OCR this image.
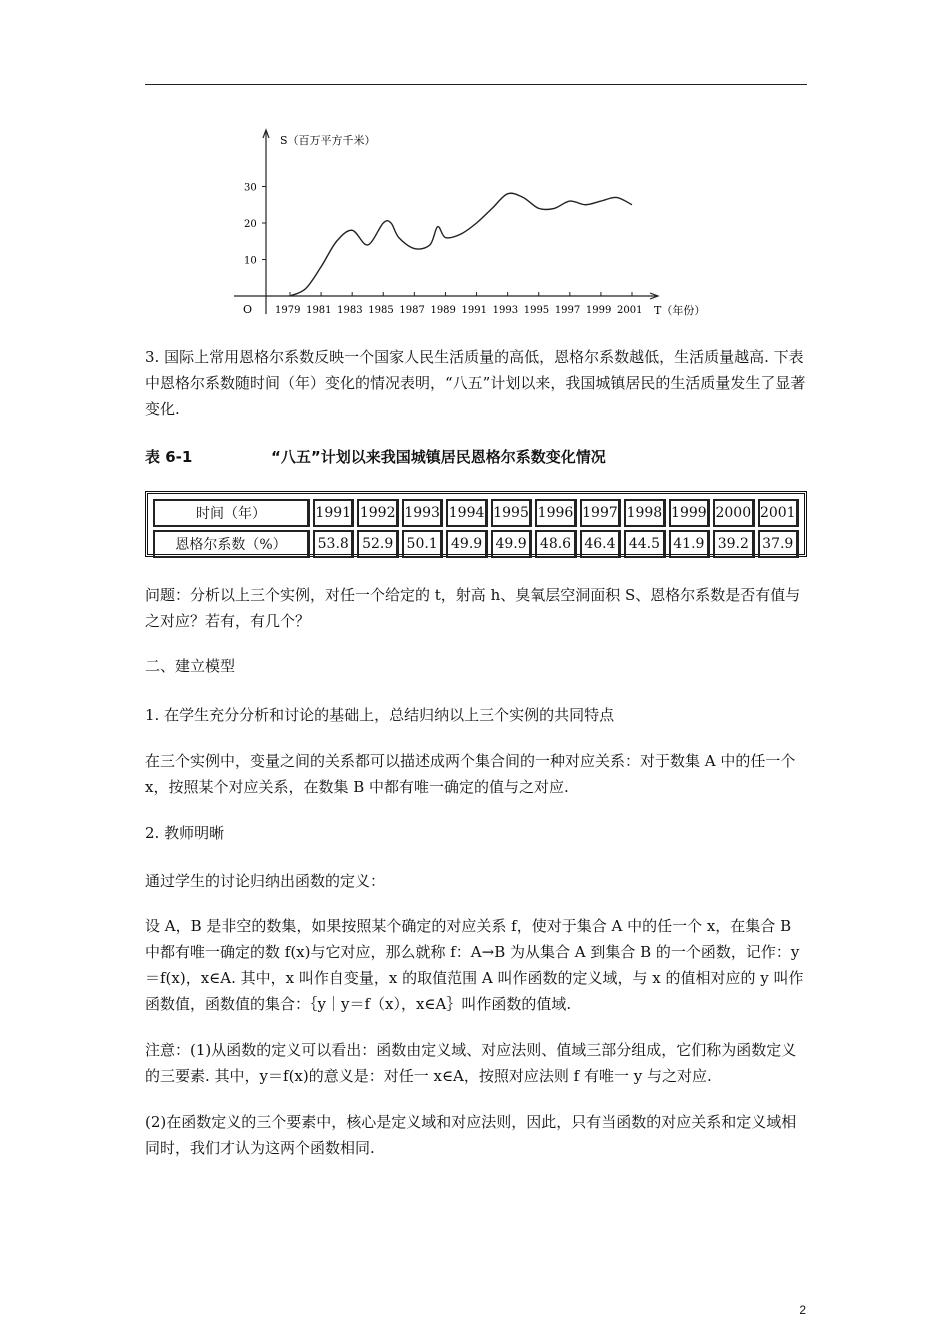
10
20
30
1979 1981 1983 1985 1987 1989 1991 1993 1995 1997 1999 2001
S（百万平方千米）
T（年份）
O

3. 国际上常用恩格尔系数反映一个国家人民生活质量的高低，恩格尔系数越低，生活质量越高. 下表中恩格尔系数随时间（年）变化的情况表明，“八五”计划以来，我国城镇居民的生活质量发生了显著变化.

表 6-1	“八五”计划以来我国城镇居民恩格尔系数变化情况
时间（年）	1991	1992	1993	1994	1995	1996	1997	1998	1999	2000	2001
恩格尔系数（%）	53.8	52.9	50.1	49.9	49.9	48.6	46.4	44.5	41.9	39.2	37.9

问题：分析以上三个实例，对任一个给定的 t，射高 h、臭氧层空洞面积 S、恩格尔系数是否有值与之对应？若有，有几个？

二、建立模型

1. 在学生充分分析和讨论的基础上，总结归纳以上三个实例的共同特点

在三个实例中，变量之间的关系都可以描述成两个集合间的一种对应关系：对于数集 A 中的任一个 x，按照某个对应关系，在数集 B 中都有唯一确定的值与之对应.

2. 教师明晰

通过学生的讨论归纳出函数的定义：

设 A，B 是非空的数集，如果按照某个确定的对应关系 f，使对于集合 A 中的任一个 x，在集合 B 中都有唯一确定的数 f(x)与它对应，那么就称 f：A→B 为从集合 A 到集合 B 的一个函数，记作：y＝f(x)，x∈A. 其中，x 叫作自变量，x 的取值范围 A 叫作函数的定义域，与 x 的值相对应的 y 叫作函数值，函数值的集合：｛y｜y＝f（x），x∈A｝叫作函数的值域.

注意：(1)从函数的定义可以看出：函数由定义域、对应法则、值域三部分组成，它们称为函数定义的三要素. 其中，y＝f(x)的意义是：对任一 x∈A，按照对应法则 f 有唯一 y 与之对应.

(2)在函数定义的三个要素中，核心是定义域和对应法则，因此，只有当函数的对应关系和定义域相同时，我们才认为这两个函数相同.

2
